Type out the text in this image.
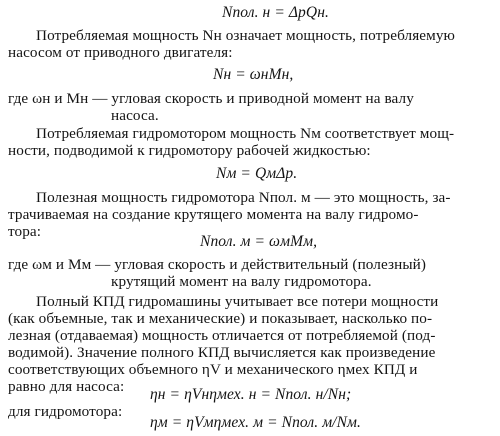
Nпол. н = ΔpQн.
Потребляемая мощность Nн означает мощность, потребляемую
насосом от приводного двигателя:
Nн = ωнMн,
где ωн и Mн — угловая скорость и приводной момент на валу
насоса.
Потребляемая гидромотором мощность Nм соответствует мощ-
ности, подводимой к гидромотору рабочей жидкостью:
Nм = QмΔp.
Полезная мощность гидромотора Nпол. м — это мощность, за-
трачиваемая на создание крутящего момента на валу гидромо-
тора:
Nпол. м = ωмMм,
где ωм и Mм — угловая скорость и действительный (полезный)
крутящий момент на валу гидромотора.
Полный КПД гидромашины учитывает все потери мощности
(как объемные, так и механические) и показывает, насколько по-
лезная (отдаваемая) мощность отличается от потребляемой (под-
водимой). Значение полного КПД вычисляется как произведение
соответствующих объемного ηV и механического ηмех КПД и
равно для насоса: ηн = ηVнηмех. н = Nпол. н/Nн;
для гидромотора:
ηм = ηVмηмех. м = Nпол. м/Nм.
